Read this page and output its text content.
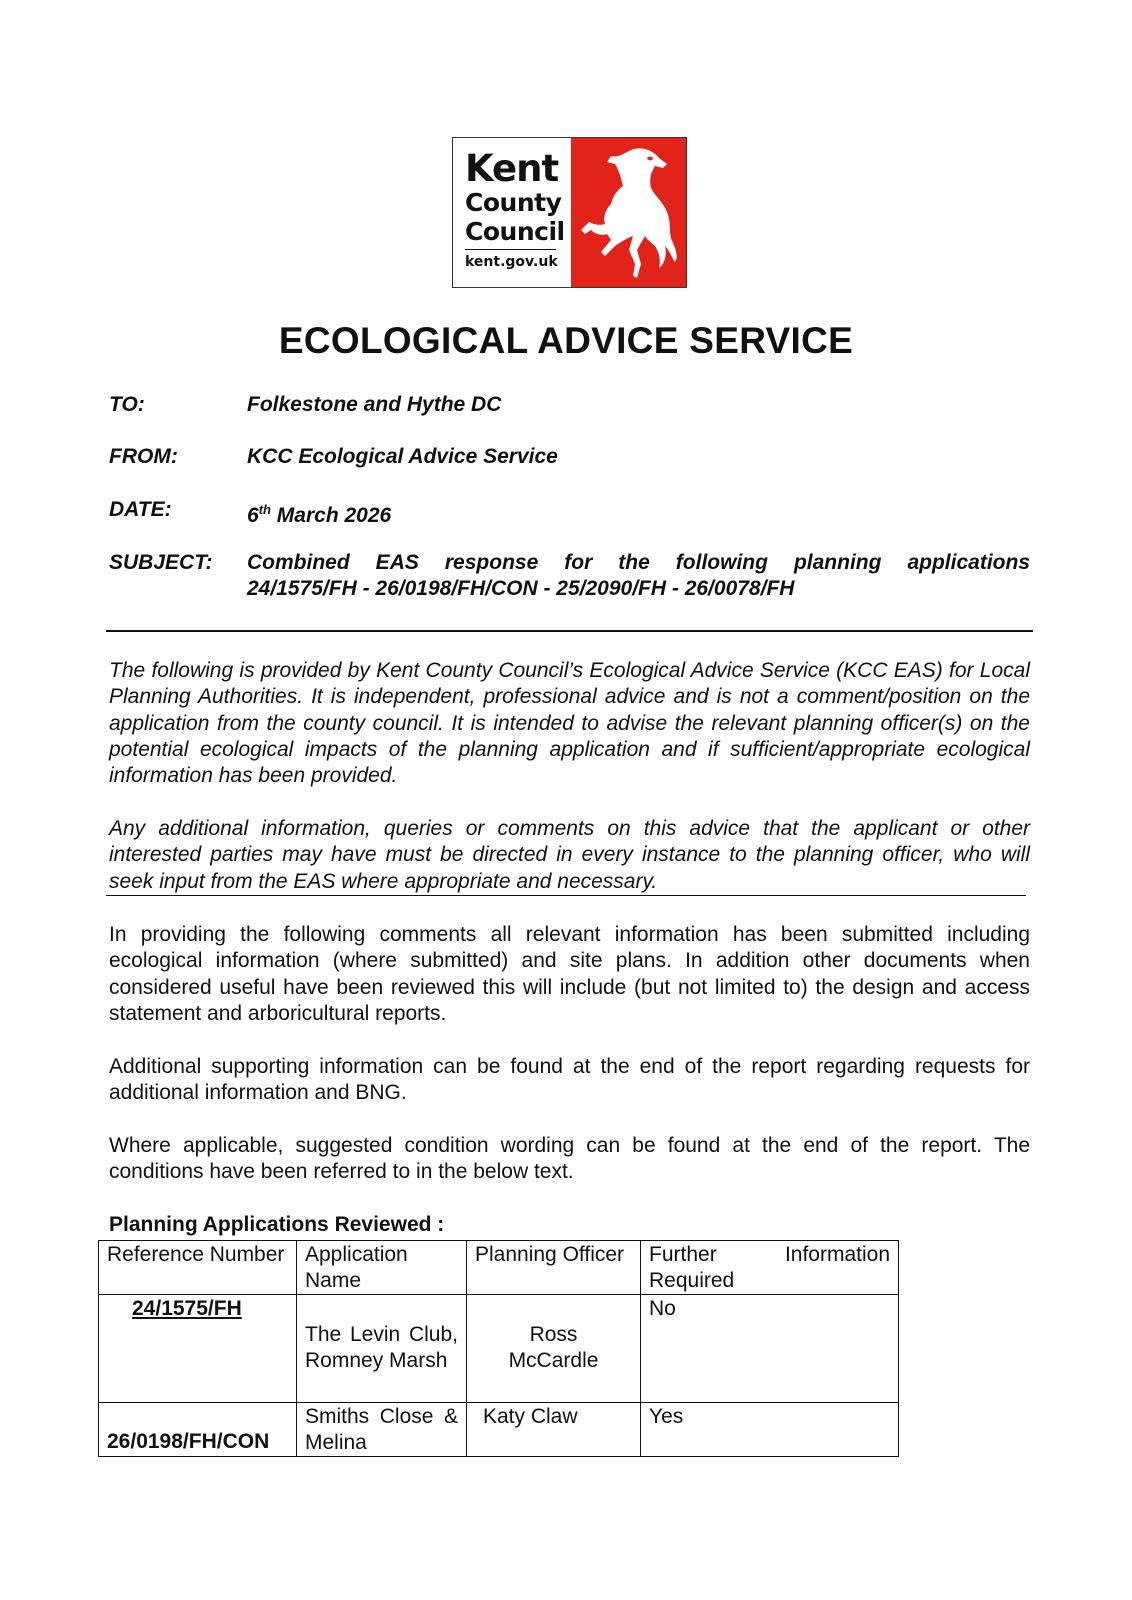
Kent
County
Council
kent.gov.uk
ECOLOGICAL ADVICE SERVICE
TO:	Folkestone and Hythe DC
FROM:	KCC Ecological Advice Service
DATE:	6th March 2026
SUBJECT: Combined EAS response for the following planning applications
24/1575/FH - 26/0198/FH/CON - 25/2090/FH - 26/0078/FH
The following is provided by Kent County Council’s Ecological Advice Service (KCC EAS) for Local Planning Authorities. It is independent, professional advice and is not a comment/position on the application from the county council. It is intended to advise the relevant planning officer(s) on the potential ecological impacts of the planning application and if sufficient/appropriate ecological information has been provided.
Any additional information, queries or comments on this advice that the applicant or other interested parties may have must be directed in every instance to the planning officer, who will seek input from the EAS where appropriate and necessary.
In providing the following comments all relevant information has been submitted including ecological information (where submitted) and site plans. In addition other documents when considered useful have been reviewed this will include (but not limited to) the design and access statement and arboricultural reports.
Additional supporting information can be found at the end of the report regarding requests for additional information and BNG.
Where applicable, suggested condition wording can be found at the end of the report. The conditions have been referred to in the below text.
Planning Applications Reviewed :
Reference Number	Application Name	Planning Officer	Further Information Required

24/1575/FH	The Levin Club, Romney Marsh	Ross McCardle	No

26/0198/FH/CON	Smiths Close & Melina	Katy Claw	Yes
